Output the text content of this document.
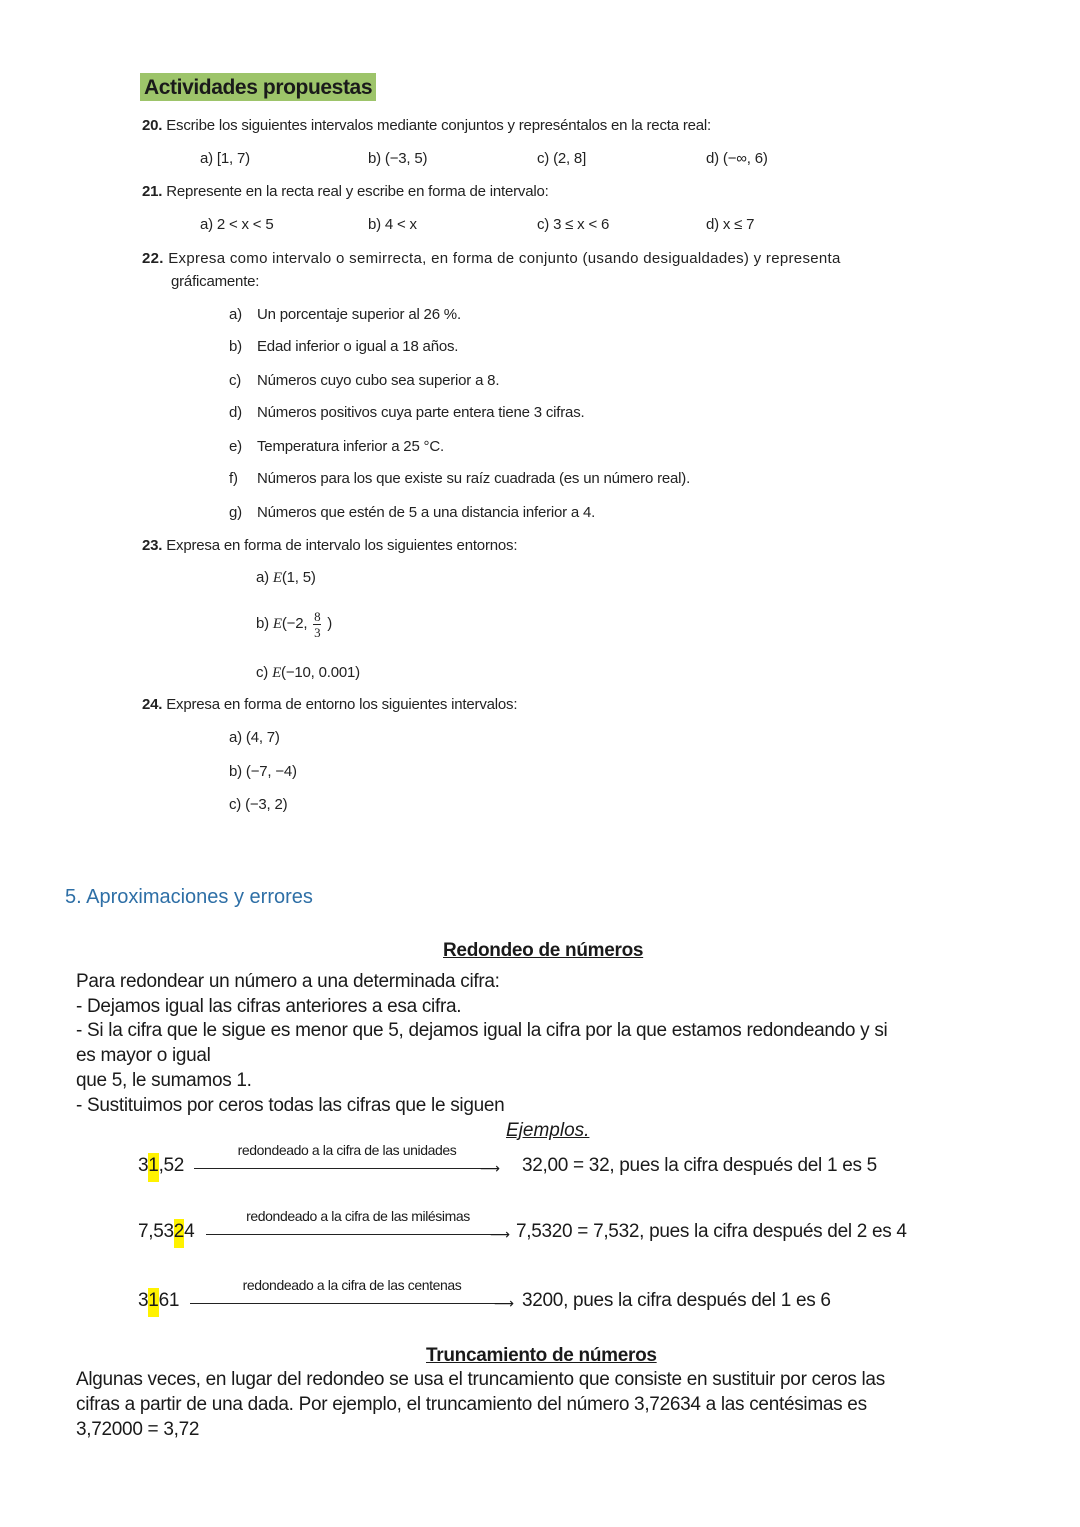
Actividades propuestas
20. Escribe los siguientes intervalos mediante conjuntos y represéntalos en la recta real:
a) [1, 7)	b) (−3, 5)	c) (2, 8]	d) (−∞, 6)
21. Represente en la recta real y escribe en forma de intervalo:
a) 2 < x < 5	b) 4 < x	c) 3 ≤ x < 6	d) x ≤ 7
22. Expresa como intervalo o semirrecta, en forma de conjunto (usando desigualdades) y representa
gráficamente:
a) Un porcentaje superior al 26 %.
b) Edad inferior o igual a 18 años.
c) Números cuyo cubo sea superior a 8.
d) Números positivos cuya parte entera tiene 3 cifras.
e) Temperatura inferior a 25 °C.
f) Números para los que existe su raíz cuadrada (es un número real).
g) Números que estén de 5 a una distancia inferior a 4.
23. Expresa en forma de intervalo los siguientes entornos:
a) E(1, 5)
b) E(−2, $\frac{8}{3}$ )
c) E(−10, 0.001)
24. Expresa en forma de entorno los siguientes intervalos:
a) (4, 7)
b) (−7, −4)
c) (−3, 2)
5. Aproximaciones y errores
Redondeo de números
Para redondear un número a una determinada cifra:
- Dejamos igual las cifras anteriores a esa cifra.
- Si la cifra que le sigue es menor que 5, dejamos igual la cifra por la que estamos redondeando y si
es mayor o igual
que 5, le sumamos 1.
- Sustituimos por ceros todas las cifras que le siguen
Ejemplos.
31,52
redondeado a la cifra de las unidades
⟶ 32,00 = 32, pues la cifra después del 1 es 5
7,5324
redondeado a la cifra de las milésimas
⟶ 7,5320 = 7,532, pues la cifra después del 2 es 4
3161
redondeado a la cifra de las centenas
⟶ 3200, pues la cifra después del 1 es 6
Truncamiento de números
Algunas veces, en lugar del redondeo se usa el truncamiento que consiste en sustituir por ceros las
cifras a partir de una dada. Por ejemplo, el truncamiento del número 3,72634 a las centésimas es
3,72000 = 3,72
